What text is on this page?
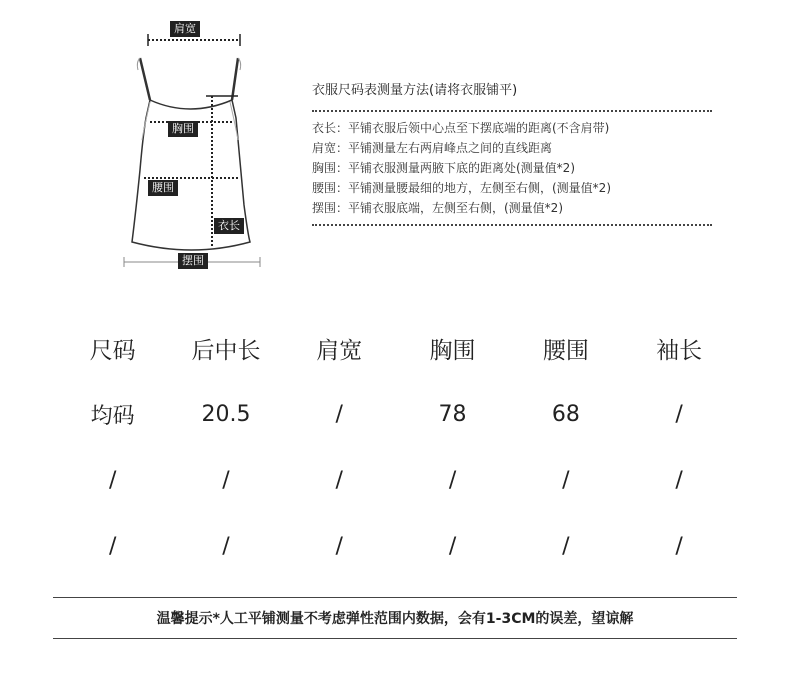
肩宽
胸围
腰围
衣长
摆围
衣服尺码表测量方法(请将衣服铺平)
衣长：平铺衣服后领中心点至下摆底端的距离(不含肩带)
肩宽：平铺测量左右两肩峰点之间的直线距离
胸围：平铺衣服测量两腋下底的距离处(测量值*2)
腰围：平铺测量腰最细的地方，左侧至右侧，(测量值*2)
摆围：平铺衣服底端，左侧至右侧，(测量值*2)
尺码	后中长	肩宽	胸围	腰围	袖长
均码	20.5	/	78	68	/
/	/	/	/	/	/
/	/	/	/	/	/
温馨提示*人工平铺测量不考虑弹性范围内数据，会有1-3CM的误差，望谅解
